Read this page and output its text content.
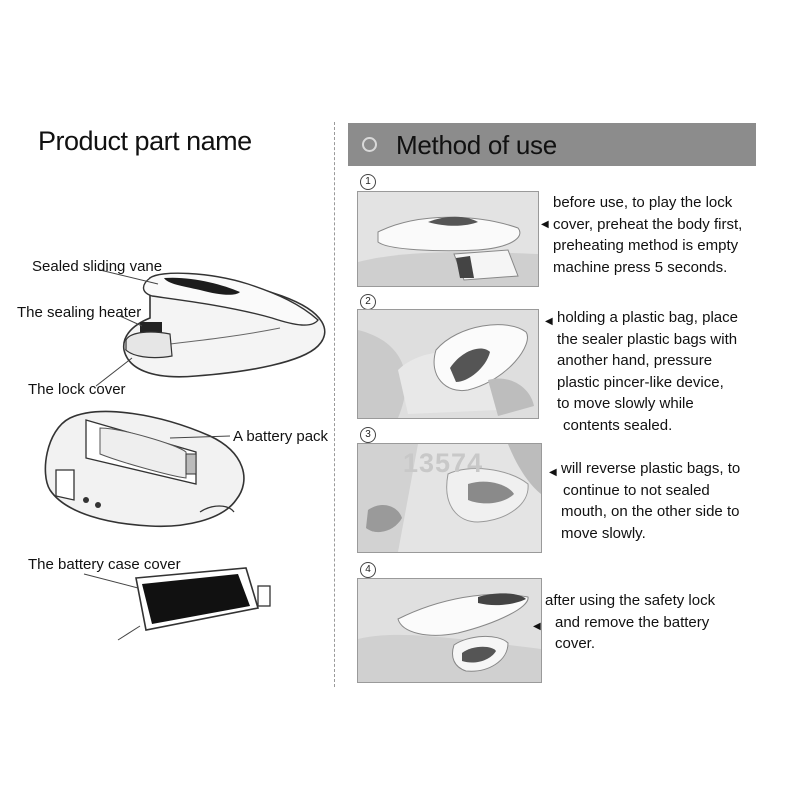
Product part name
Sealed sliding vane
The sealing heater
The lock cover
A battery pack
The battery case cover
Method of use
1
◀
before use, to play the lock
cover, preheat the body first,
preheating method is empty
machine press 5 seconds.
2
◀ holding a plastic bag, place
the sealer plastic bags with
another hand, pressure
plastic pincer-like device,
to move slowly while
contents sealed.
3
13574	◀ will reverse plastic bags, to
continue to not sealed
mouth, on the other side to
move slowly.
4
◀
after using the safety lock
and remove the battery
cover.
